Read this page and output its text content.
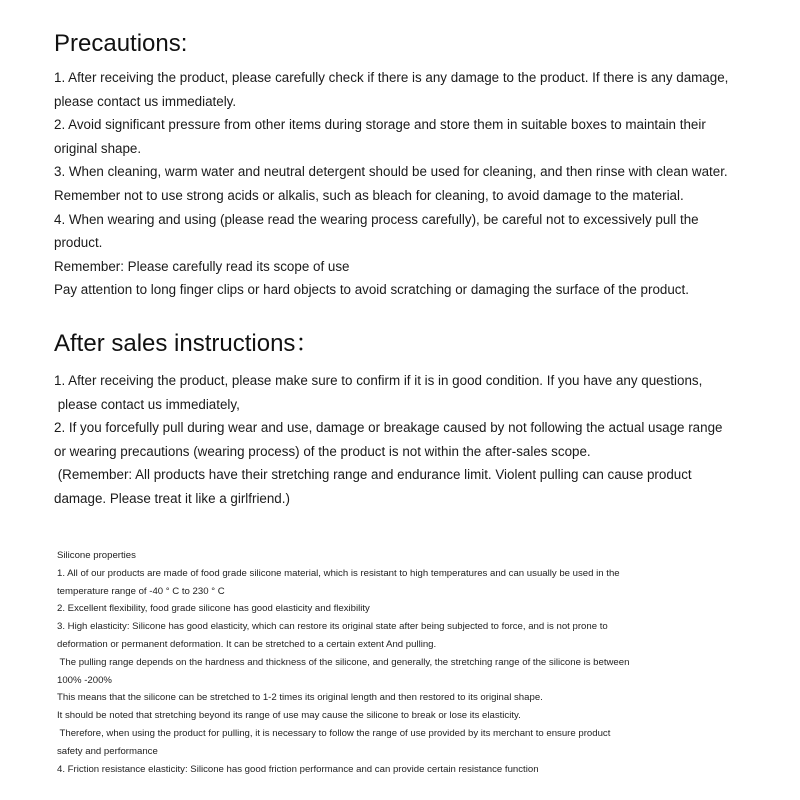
Precautions:
1. After receiving the product, please carefully check if there is any damage to the product. If there is any damage,
please contact us immediately.
2. Avoid significant pressure from other items during storage and store them in suitable boxes to maintain their
original shape.
3. When cleaning, warm water and neutral detergent should be used for cleaning, and then rinse with clean water.
Remember not to use strong acids or alkalis, such as bleach for cleaning, to avoid damage to the material.
4. When wearing and using (please read the wearing process carefully), be careful not to excessively pull the
product.
Remember: Please carefully read its scope of use
Pay attention to long finger clips or hard objects to avoid scratching or damaging the surface of the product.
After sales instructions：
1. After receiving the product, please make sure to confirm if it is in good condition. If you have any questions,
please contact us immediately,
2. If you forcefully pull during wear and use, damage or breakage caused by not following the actual usage range
or wearing precautions (wearing process) of the product is not within the after-sales scope.
(Remember: All products have their stretching range and endurance limit. Violent pulling can cause product
damage. Please treat it like a girlfriend.)
Silicone properties
1. All of our products are made of food grade silicone material, which is resistant to high temperatures and can usually be used in the
temperature range of -40 ° C to 230 ° C
2. Excellent flexibility, food grade silicone has good elasticity and flexibility
3. High elasticity: Silicone has good elasticity, which can restore its original state after being subjected to force, and is not prone to
deformation or permanent deformation. It can be stretched to a certain extent And pulling.
The pulling range depends on the hardness and thickness of the silicone, and generally, the stretching range of the silicone is between
100% -200%
This means that the silicone can be stretched to 1-2 times its original length and then restored to its original shape.
It should be noted that stretching beyond its range of use may cause the silicone to break or lose its elasticity.
Therefore, when using the product for pulling, it is necessary to follow the range of use provided by its merchant to ensure product
safety and performance
4. Friction resistance elasticity: Silicone has good friction performance and can provide certain resistance function
